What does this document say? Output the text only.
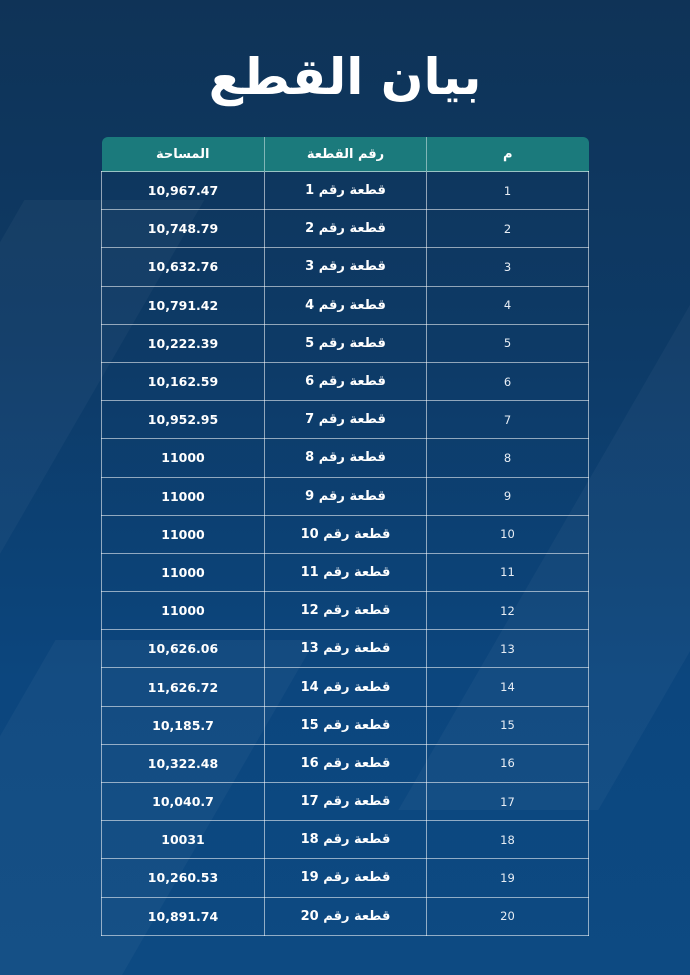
بيان القطع
م	رقم القطعة	المساحة
1	قطعة رقم 1	10,967.47
2	قطعة رقم 2	10,748.79
3	قطعة رقم 3	10,632.76
4	قطعة رقم 4	10,791.42
5	قطعة رقم 5	10,222.39
6	قطعة رقم 6	10,162.59
7	قطعة رقم 7	10,952.95
8	قطعة رقم 8	11000
9	قطعة رقم 9	11000
10	قطعة رقم 10	11000
11	قطعة رقم 11	11000
12	قطعة رقم 12	11000
13	قطعة رقم 13	10,626.06
14	قطعة رقم 14	11,626.72
15	قطعة رقم 15	10,185.7
16	قطعة رقم 16	10,322.48
17	قطعة رقم 17	10,040.7
18	قطعة رقم 18	10031
19	قطعة رقم 19	10,260.53
20	قطعة رقم 20	10,891.74
